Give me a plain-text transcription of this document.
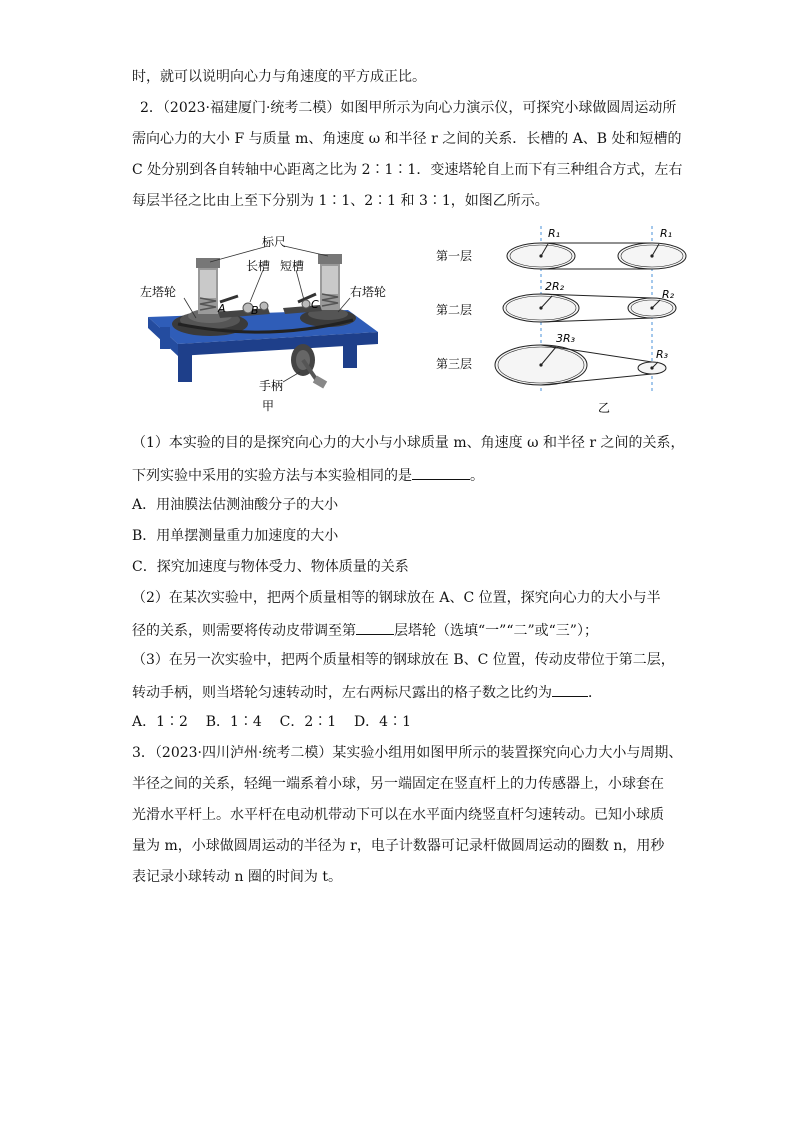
时，就可以说明向心力与角速度的平方成正比。
2．（2023·福建厦门·统考二模）如图甲所示为向心力演示仪，可探究小球做圆周运动所
需向心力的大小 F 与质量 m、角速度 ω 和半径 r 之间的关系．长槽的 A、B 处和短槽的
C 处分别到各自转轴中心距离之比为 2∶1∶1．变速塔轮自上而下有三种组合方式，左右
每层半径之比由上至下分别为 1∶1、2∶1 和 3∶1，如图乙所示。
标尺
长槽 短槽
左塔轮	右塔轮
A B	C
手柄
甲
第一层
第二层
第三层
R₁	R₁
2R₂
R₂
3R₃
R₃
乙
（1）本实验的目的是探究向心力的大小与小球质量 m、角速度 ω 和半径 r 之间的关系，
下列实验中采用的实验方法与本实验相同的是	。
A．用油膜法估测油酸分子的大小
B．用单摆测量重力加速度的大小
C．探究加速度与物体受力、物体质量的关系
（2）在某次实验中，把两个质量相等的钢球放在 A、C 位置，探究向心力的大小与半
径的关系，则需要将传动皮带调至第	层塔轮（选填“一”“二”或“三”）；
（3）在另一次实验中，把两个质量相等的钢球放在 B、C 位置，传动皮带位于第二层，
转动手柄，则当塔轮匀速转动时，左右两标尺露出的格子数之比约为	．
A．1∶2    B．1∶4    C．2∶1    D．4∶1
3．（2023·四川泸州·统考二模）某实验小组用如图甲所示的装置探究向心力大小与周期、
半径之间的关系，轻绳一端系着小球，另一端固定在竖直杆上的力传感器上，小球套在
光滑水平杆上。水平杆在电动机带动下可以在水平面内绕竖直杆匀速转动。已知小球质
量为 m，小球做圆周运动的半径为 r，电子计数器可记录杆做圆周运动的圈数 n，用秒
表记录小球转动 n 圈的时间为 t。
